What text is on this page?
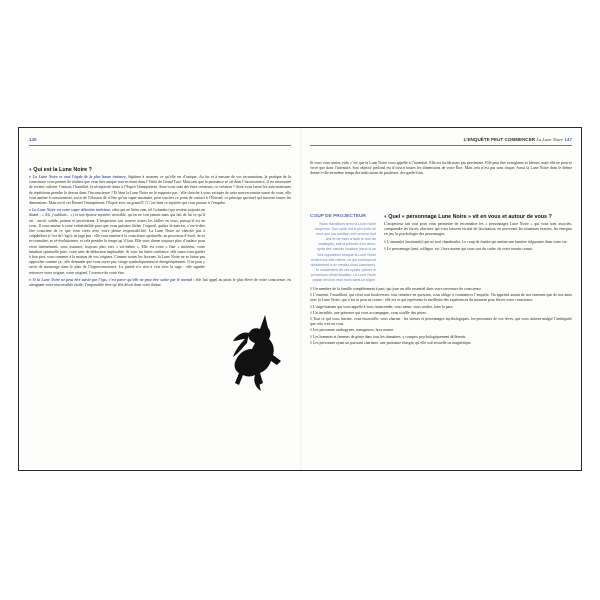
146
♦ Qui est la Lune Noire ?

♦ La Lune Noire se veut l’égale de la plus haute instance, légitime à incarner ce qu’elle est d’unique. Au fur et à mesure de vos incarnations, la pratique de la conscience vous permet de réaliser que vous êtes unique tout en étant dans l’Unité du Grand Tout. Mais tant que la puissance se vit dans l’inconscience, il est nécessaire de revenir cultiver l’amour, l’humilité, la réceptivité claire à l’Esprit Omniprésent. Avez-vous subi des êtres créateurs, co-créateur ? Avez-vous laissé les auto-matismes de répétitions prendre le dessus dans l’inconscience ? Et bien la Lune Noire ne le supporte pas : elle cherche à vous extirper de cette non-reconnais-sance de vous, elle vous amène à conscientiser, sortir de l’illusion de n’être qu’un super-automate, pour toucher ce point de contact à l’Éternel, ce principe spirituel qui traverse toutes les dimensions. Mais est-il cet Éternel Omniprésent, l’Esprit avec un grand E ? C’est bien ce mystère qui vous pousse à l’enquête.

♦ La Lune Noire est votre super-détective intérieur, celui qui ne lâche rien, tel Columbo (qui revient toujours en disant : « Ah, j’oubliais... ») et son épouse mystère, invisible, qu’on ne voit jamais mais qui fait de lui ce qu’il est : ancré, solide, patient et persévérant. L’inspecteur sait trouver toutes les failles en vous, puisqu’il est en vous. Il vous amène à votre vulnérabilité pour que vous puissiez lâcher l’orgueil, quitter la matrice, c’est-à-dire être conscient de ce que vous créez avec votre pleine responsabi-lité. La Lune Noire ne cherche pas à culpabiliser (c’est de l’ego), ne juge pas : elle vous ramène à la conscience spirituelle, au processus d’éveil, de se re-connaître, se ré-évolutionner, et cela prendre le temps qu’il faut. Elle vous donne toujours plus d’audace pour vivre intensément, vous assumer, toujours plus vers « soi-même ». Elle est votre « flair » intérieur, votre intuition spirituelle pure, votre sens de déduction implacable. Si vous lui faites confiance, elle saura vous guider à bon port, vous ramener à la maison de vos origines. Comme toutes les licornes, la Lune Noire ne se laisse pas approcher comme ça : elle demande que vous soyez pur, vierge symboliquement et énergétiquement. Il ne peut y avoir de mensonge dans le plan de l’hyperconscience. La pureté n’a rien à voir avec la sage : elle signifie retrouver votre origine, votre originel, l’essence de votre être.

♦ Si la Lune Noire ne peut être saisie par l’ego, c’est parce qu’elle ne peut être saisie par le mental : elle fait appel au point le plus élevé de votre conscience, en atteignant votre inaccessible étoile, l’impossible rêve qu’elle décrit dans votre thème.

L’ENQUÊTE PEUT COMMENCER La Lune Noire 147

Si vous vous sentez vide, c’est que la Lune Noire vous appelle à l’essentiel. Elle est lucide mais pas pessimiste. Elle peut être aveuglante et blesser, mais elle ne peut se vivre que dans l’intensité. Son objectif profond est d’ouvrir toutes les dimensions de votre Être. Mais cela n’est pas sans risque. Aussi la Lune Noire dans le thème donne-t-elle en même temps des indications de prudence, des garde-fous.

COUP DE PROJECTEUR

Nous travaillons avec la Lune Noire moyenne. Son cycle est à peu près de neuf ans (sa position met environ huit ans et de mois à faire le tour du zodiaque), soit la période d’un demi-cycle des nœuds lunaires (ceux-ci se font opposition lorsque la Lune Noire revient sur elle-même, ce qui correspond doublement à un rendez-vous karmique), le croisement de ces cycles rythme le processus d’individuation. La Lune Noire passe environ neuf mois dans un signe.

♦ Quel « personnage Lune Noire » vit en vous et autour de vous ?

L’inspecteur fait tout pour vous permettre de reconnaître les « personnages Lune Noire » qui vous sont associés, comprendre les forces obscures qui vous laissent en état de fascination, en percevant les situations exactes, les énergies en jeu, la psychologie des personnages.

◊ L’amant(e) fascinant(e) qui ne tout chambouler. Le coup de foudre qui amène une lumière fulgurante dans votre vie.

◊ Le personnage (ami, collègue, etc.) hors norme qui vous sort du cadre, de votre terrain connu.

◊ Un membre de la famille complètement à part, qui joue un rôle essentiel dans votre ouverture de conscience.

◊ L’ennemi, l’assaillant, qui vient tout bouleverser, tout remettre en question, vous oblige à commencer l’enquête. On apprend autant de nos ennemis que de nos amis avec la Lune Noire, qui n’est ni pour ni contre : elle est ce qui représente la meilleure des expériences du moment pour élever votre conscience.

◊ L’ange humain qui vous appelle à vous transcender, vous aimer, vous unifier, faire la paix.

◊ Un invisible, une présence qui vous accompagne, vous souffle des pistes.

◊ Tout ce qui vous fascine, vous ensorcelle, vous charme : les sirènes et personnages mythologiques, les personnes de vos rêves, qui vous attirent malgré l’ambiguïté que cela crée en vous.

◊ Les personnes androgynes, transgenres, hors norme.

◊ Les hommes et femmes de génie dans tous les domaines, y compris psychologiquement différents.

◊ Les personnes ayant un puissant charisme, une puissante énergie, qu’elle soit sexuelle ou magnétique.
